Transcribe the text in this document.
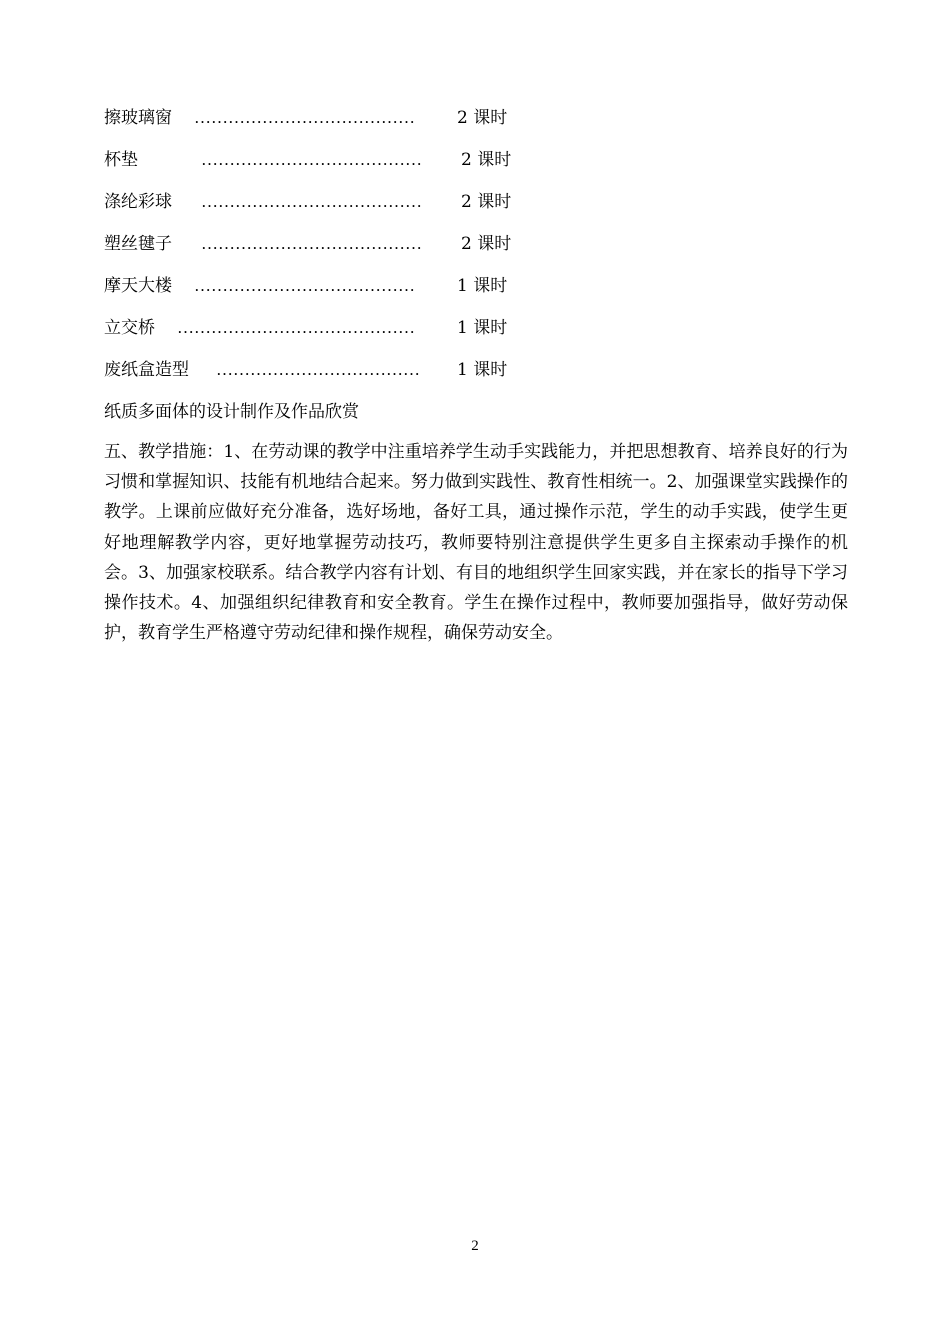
擦玻璃窗 ………………………………… 2 课时
杯垫	………………………………… 2 课时
涤纶彩球 ………………………………… 2 课时
塑丝毽子 ………………………………… 2 课时
摩天大楼 ………………………………… 1 课时
立交桥 …………………………………… 1 课时
废纸盒造型 ……………………………… 1 课时
纸质多面体的设计制作及作品欣赏
五、教学措施：1、在劳动课的教学中注重培养学生动手实践能力，并把思想教育、培养良好的行为习惯和掌握知识、技能有机地结合起来。努力做到实践性、教育性相统一。2、加强课堂实践操作的教学。上课前应做好充分准备，选好场地，备好工具，通过操作示范，学生的动手实践，使学生更好地理解教学内容，更好地掌握劳动技巧，教师要特别注意提供学生更多自主探索动手操作的机会。3、加强家校联系。结合教学内容有计划、有目的地组织学生回家实践，并在家长的指导下学习操作技术。4、加强组织纪律教育和安全教育。学生在操作过程中，教师要加强指导，做好劳动保护，教育学生严格遵守劳动纪律和操作规程，确保劳动安全。
2
